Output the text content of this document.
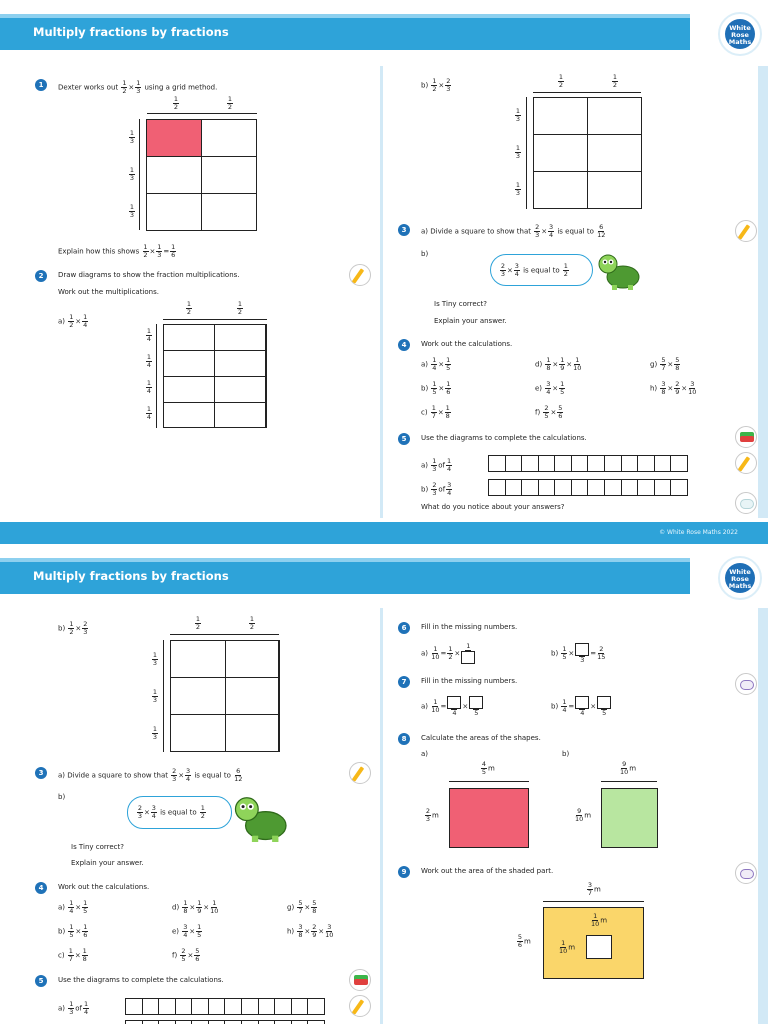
Multiply fractions by fractions	White
Rose
Maths
1	Dexter works out $\frac{1}{2} \times \frac{1}{3}$ using a grid method.
$\frac{1}{2}$	$\frac{1}{2}$
$\frac{1}{3}$
$\frac{1}{3}$
$\frac{1}{3}$
Explain how this shows $\frac{1}{2} \times \frac{1}{3} = \frac{1}{6}$
2	Draw diagrams to show the fraction multiplications.
Work out the multiplications.
$a) \frac{1}{2} \times \frac{1}{4}$
$\frac{1}{2}$	$\frac{1}{2}$
$\frac{1}{4}$
$\frac{1}{4}$
$\frac{1}{4}$
$\frac{1}{4}$
$b) \frac{1}{2} \times \frac{2}{3}$	$\frac{1}{2}$	$\frac{1}{2}$
$\frac{1}{3}$
$\frac{1}{3}$
$\frac{1}{3}$
3	a) Divide a square to show that $\frac{2}{3} \times \frac{3}{4}$ is equal to $\frac{6}{12}$
b)
$\frac{2}{3} \times \frac{3}{4}$ is equal to $\frac{1}{2}$
Is Tiny correct?
Explain your answer.
4	Work out the calculations.
$a) \frac{1}{4} \times \frac{1}{5}$
$b) \frac{1}{5} \times \frac{1}{6}$
$c) \frac{1}{7} \times \frac{1}{8}$
$d) \frac{1}{8} \times \frac{1}{9} \times \frac{1}{10}$
$e) \frac{3}{4} \times \frac{1}{5}$
$f) \frac{2}{5} \times \frac{5}{6}$
$g) \frac{5}{7} \times \frac{5}{8}$
$h) \frac{3}{8} \times \frac{2}{9} \times \frac{3}{10}$
5	Use the diagrams to complete the calculations.
$a) \frac{1}{3}$ of $\frac{1}{4}$
$b) \frac{2}{3}$ of $\frac{3}{4}$
What do you notice about your answers?
© White Rose Maths 2022
Multiply fractions by fractions	White
Rose
Maths
$b) \frac{1}{2} \times \frac{2}{3}$	$\frac{1}{2}$	$\frac{1}{2}$
$\frac{1}{3}$
$\frac{1}{3}$
$\frac{1}{3}$
3	a) Divide a square to show that $\frac{2}{3} \times \frac{3}{4}$ is equal to $\frac{6}{12}$
b)
$\frac{2}{3} \times \frac{3}{4}$ is equal to $\frac{1}{2}$
Is Tiny correct?
Explain your answer.
4	Work out the calculations.
$a) \frac{1}{4} \times \frac{1}{5}$
$b) \frac{1}{5} \times \frac{1}{6}$
$c) \frac{1}{7} \times \frac{1}{8}$
$d) \frac{1}{8} \times \frac{1}{9} \times \frac{1}{10}$
$e) \frac{3}{4} \times \frac{1}{5}$
$f) \frac{2}{5} \times \frac{5}{6}$
$g) \frac{5}{7} \times \frac{5}{8}$
$h) \frac{3}{8} \times \frac{2}{9} \times \frac{3}{10}$
5	Use the diagrams to complete the calculations.
$a) \frac{1}{3}$ of $\frac{1}{4}$
6	Fill in the missing numbers.
$a) \frac{1}{10} = \frac{1}{2}$ ×
1
$b) \frac{1}{5}$ ×
3
= $\frac{2}{15}$
7	Fill in the missing numbers.
$a) \frac{1}{10}$ =
4
×
5
$b) \frac{1}{4}$ =
4
×
5
8	Calculate the areas of the shapes.
a)	b)
$\frac{4}{5}$ m
$\frac{2}{3}$ m
$\frac{9}{10}$ m
$\frac{9}{10}$ m
9	Work out the area of the shaded part.
$\frac{3}{7}$ m
$\frac{5}{6}$ m
$\frac{1}{10}$ m
$\frac{1}{10}$ m
